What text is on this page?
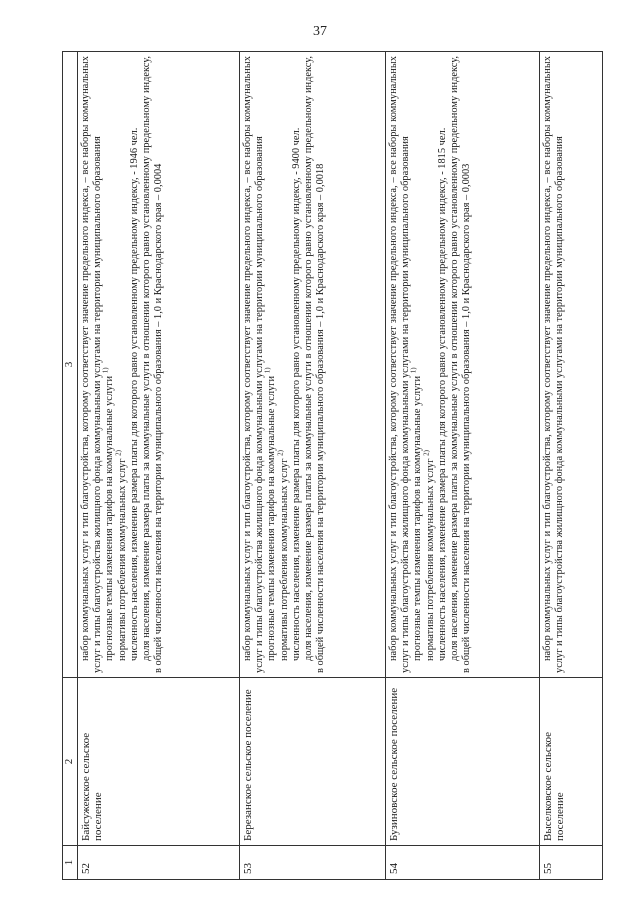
37
1	2	3
52	Байсужекское сельское поселение	набор коммунальных услуг и тип благоустройства, которому соответствует значение предельного индекса, – все наборы коммунальных услуг и типы благоустройства жилищного фонда коммунальными услугами на территории муниципального образования прогнозные темпы изменения тарифов на коммунальные услуги $^{1)}$
нормативы потребления коммунальных услуг $^{2)}$ численность населения, изменение размера платы для которого равно установленному предельному индексу, - 1946 чел. доля населения, изменение размера платы за коммунальные услуги в отношении которого равно установленному предельному индексу, в общей численности населения на территории муниципального образования – 1,0 и Краснодарского края – 0,0004

53	Березанское сельское поселение	набор коммунальных услуг и тип благоустройства, которому соответствует значение предельного индекса, – все наборы коммунальных услуг и типы благоустройства жилищного фонда коммунальными услугами на территории муниципального образования прогнозные темпы изменения тарифов на коммунальные услуги $^{1)}$
нормативы потребления коммунальных услуг $^{2)}$ численность населения, изменение размера платы для которого равно установленному предельному индексу, - 9400 чел. доля населения, изменение размера платы за коммунальные услуги в отношении которого равно установленному предельному индексу, в общей численности населения на территории муниципального образования – 1,0 и Краснодарского края – 0,0018

54	Бузиновское сельское поселение	набор коммунальных услуг и тип благоустройства, которому соответствует значение предельного индекса, – все наборы коммунальных услуг и типы благоустройства жилищного фонда коммунальными услугами на территории муниципального образования прогнозные темпы изменения тарифов на коммунальные услуги $^{1)}$
нормативы потребления коммунальных услуг $^{2)}$ численность населения, изменение размера платы для которого равно установленному предельному индексу, - 1815 чел. доля населения, изменение размера платы за коммунальные услуги в отношении которого равно установленному предельному индексу, в общей численности населения на территории муниципального образования – 1,0 и Краснодарского края – 0,0003

55	Выселковское сельское поселение	набор коммунальных услуг и тип благоустройства, которому соответствует значение предельного индекса, – все наборы коммунальных услуг и типы благоустройства жилищного фонда коммунальными услугами на территории муниципального образования
